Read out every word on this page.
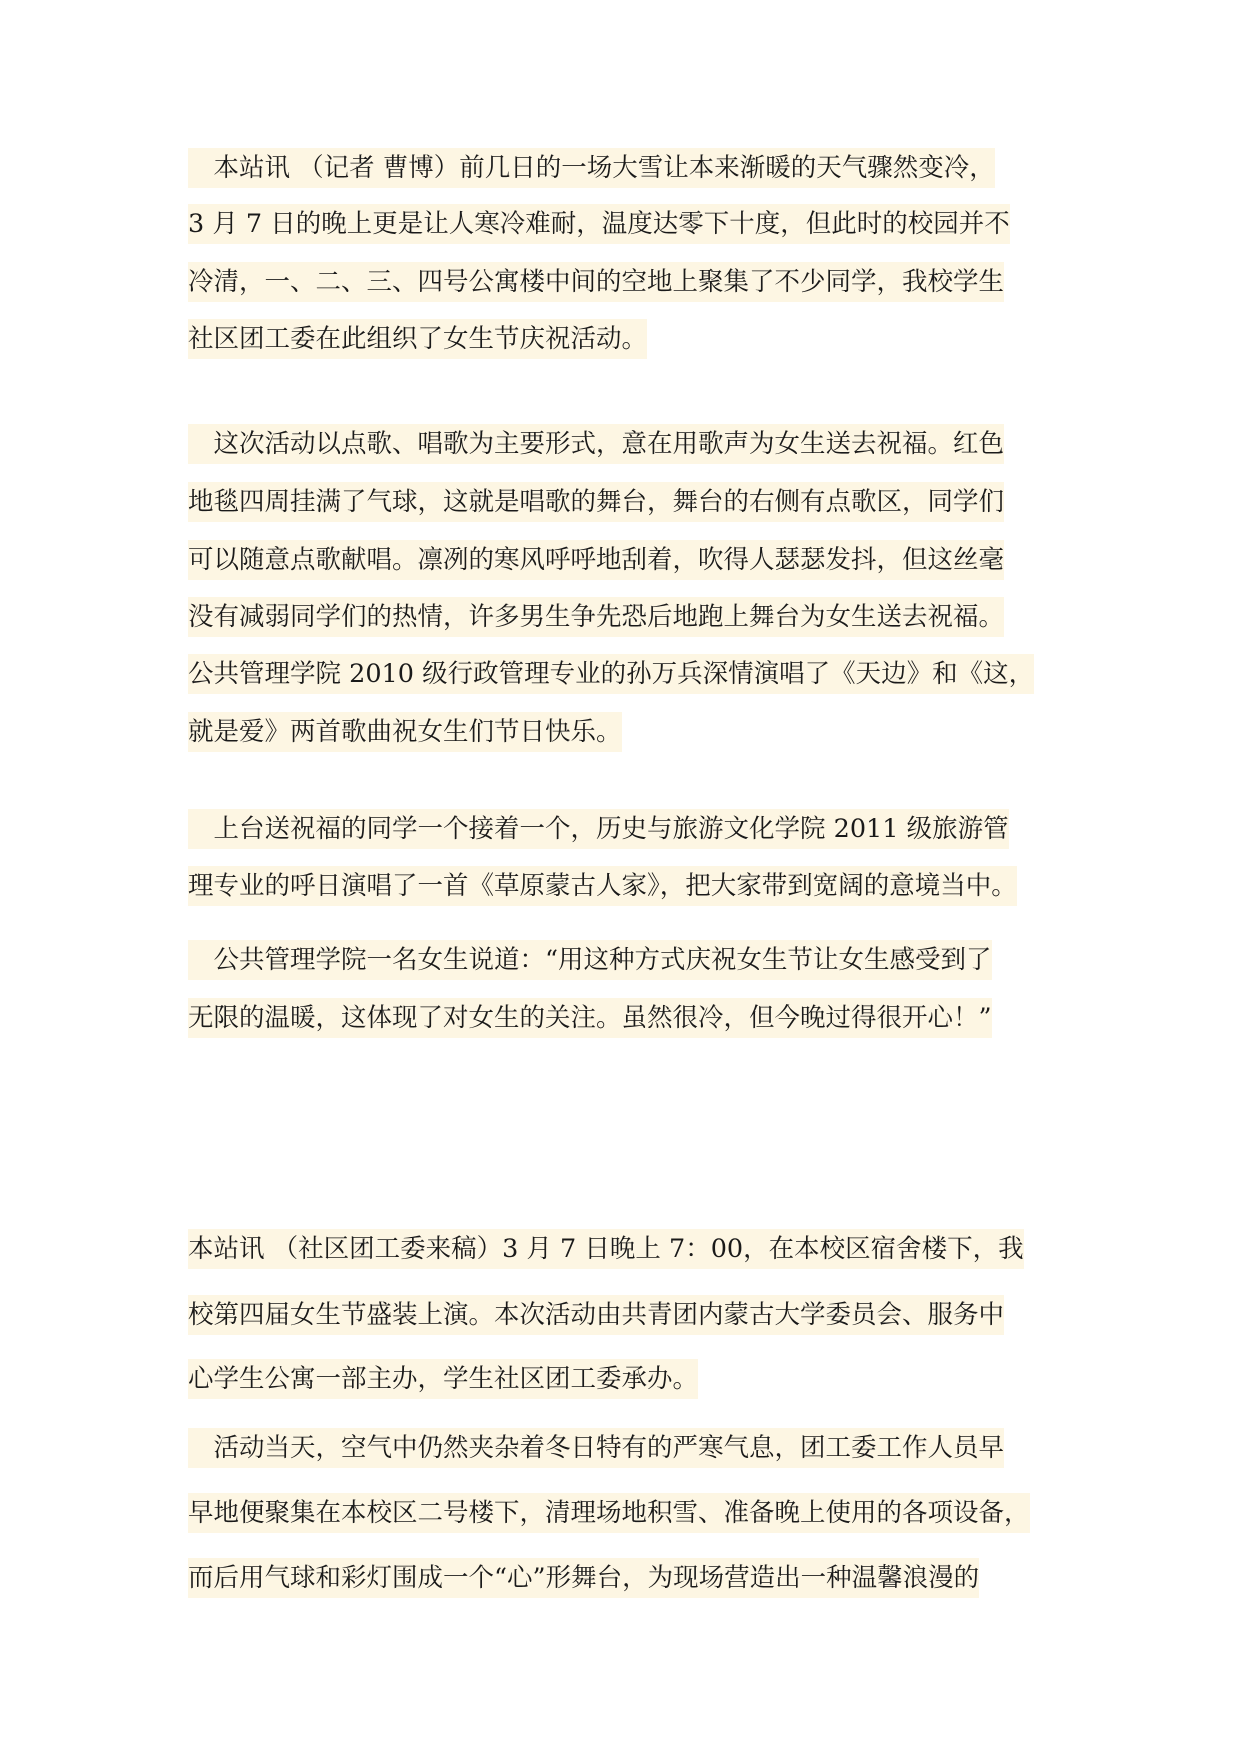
　本站讯 （记者 曹博）前几日的一场大雪让本来渐暖的天气骤然变冷，
3 月 7 日的晚上更是让人寒冷难耐，温度达零下十度，但此时的校园并不
冷清，一、二、三、四号公寓楼中间的空地上聚集了不少同学，我校学生
社区团工委在此组织了女生节庆祝活动。
　这次活动以点歌、唱歌为主要形式，意在用歌声为女生送去祝福。红色
地毯四周挂满了气球，这就是唱歌的舞台，舞台的右侧有点歌区，同学们
可以随意点歌献唱。凛冽的寒风呼呼地刮着，吹得人瑟瑟发抖，但这丝毫
没有减弱同学们的热情，许多男生争先恐后地跑上舞台为女生送去祝福。
公共管理学院 2010 级行政管理专业的孙万兵深情演唱了《天边》和《这，
就是爱》两首歌曲祝女生们节日快乐。
　上台送祝福的同学一个接着一个，历史与旅游文化学院 2011 级旅游管
理专业的呼日演唱了一首《草原蒙古人家》，把大家带到宽阔的意境当中。
　公共管理学院一名女生说道：“用这种方式庆祝女生节让女生感受到了
无限的温暖，这体现了对女生的关注。虽然很冷，但今晚过得很开心！”
本站讯 （社区团工委来稿）3 月 7 日晚上 7：00，在本校区宿舍楼下，我
校第四届女生节盛装上演。本次活动由共青团内蒙古大学委员会、服务中
心学生公寓一部主办，学生社区团工委承办。
　活动当天，空气中仍然夹杂着冬日特有的严寒气息，团工委工作人员早
早地便聚集在本校区二号楼下，清理场地积雪、准备晚上使用的各项设备，
而后用气球和彩灯围成一个“心”形舞台，为现场营造出一种温馨浪漫的
